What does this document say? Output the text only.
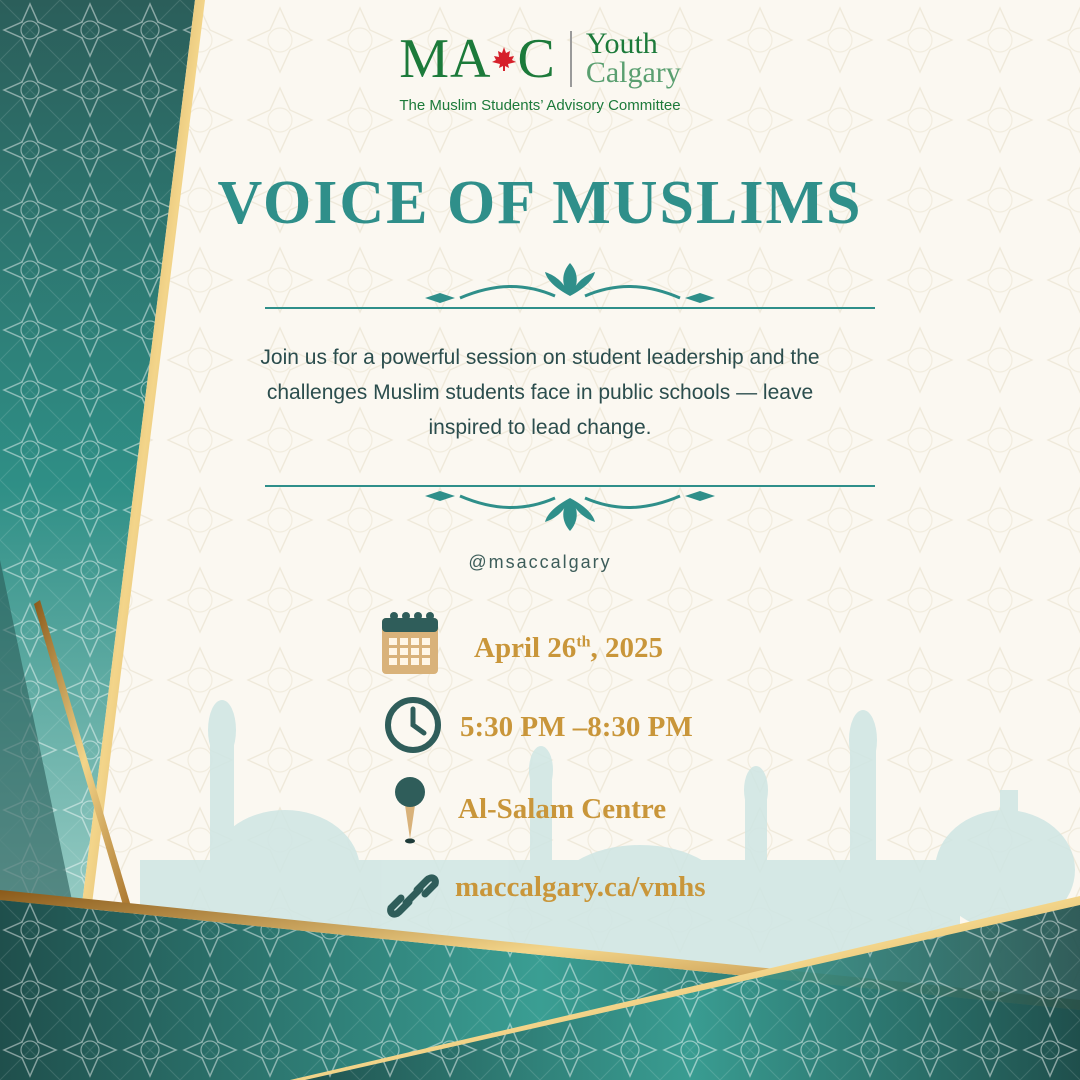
MA C Youth
Calgary
The Muslim Students’ Advisory Committee
VOICE OF MUSLIMS
Join us for a powerful session on student leadership and the challenges Muslim students face in public schools — leave inspired to lead change.
@msaccalgary
April 26th, 2025
5:30 PM –8:30 PM
Al-Salam Centre
maccalgary.ca/vmhs
